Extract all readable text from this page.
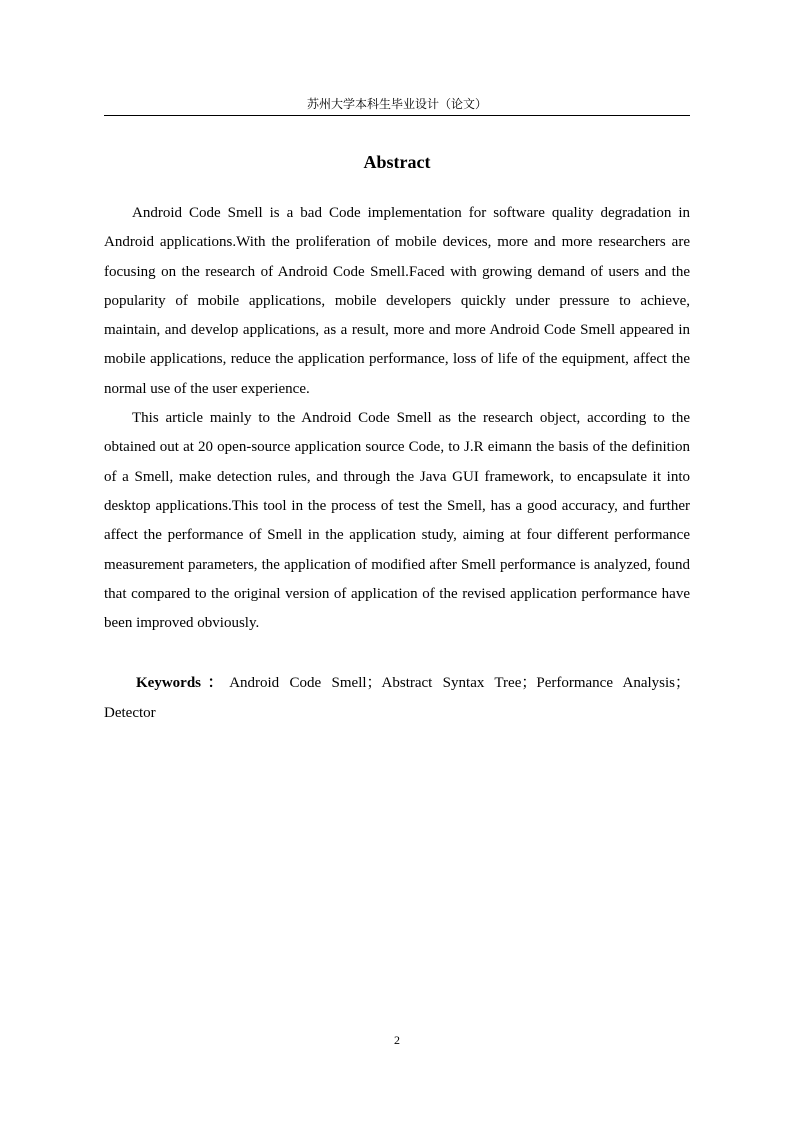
苏州大学本科生毕业设计（论文）
Abstract

Android Code Smell is a bad Code implementation for software quality degradation in Android applications.With the proliferation of mobile devices, more and more researchers are focusing on the research of Android Code Smell.Faced with growing demand of users and the popularity of mobile applications, mobile developers quickly under pressure to achieve, maintain, and develop applications, as a result, more and more Android Code Smell appeared in mobile applications, reduce the application performance, loss of life of the equipment, affect the normal use of the user experience.

This article mainly to the Android Code Smell as the research object, according to the obtained out at 20 open-source application source Code, to J.R eimann the basis of the definition of a Smell, make detection rules, and through the Java GUI framework, to encapsulate it into desktop applications.This tool in the process of test the Smell, has a good accuracy, and further affect the performance of Smell in the application study, aiming at four different performance measurement parameters, the application of modified after Smell performance is analyzed, found that compared to the original version of application of the revised application performance have been improved obviously.

Keywords：Android Code Smell；Abstract Syntax Tree；Performance Analysis；Detector
2
